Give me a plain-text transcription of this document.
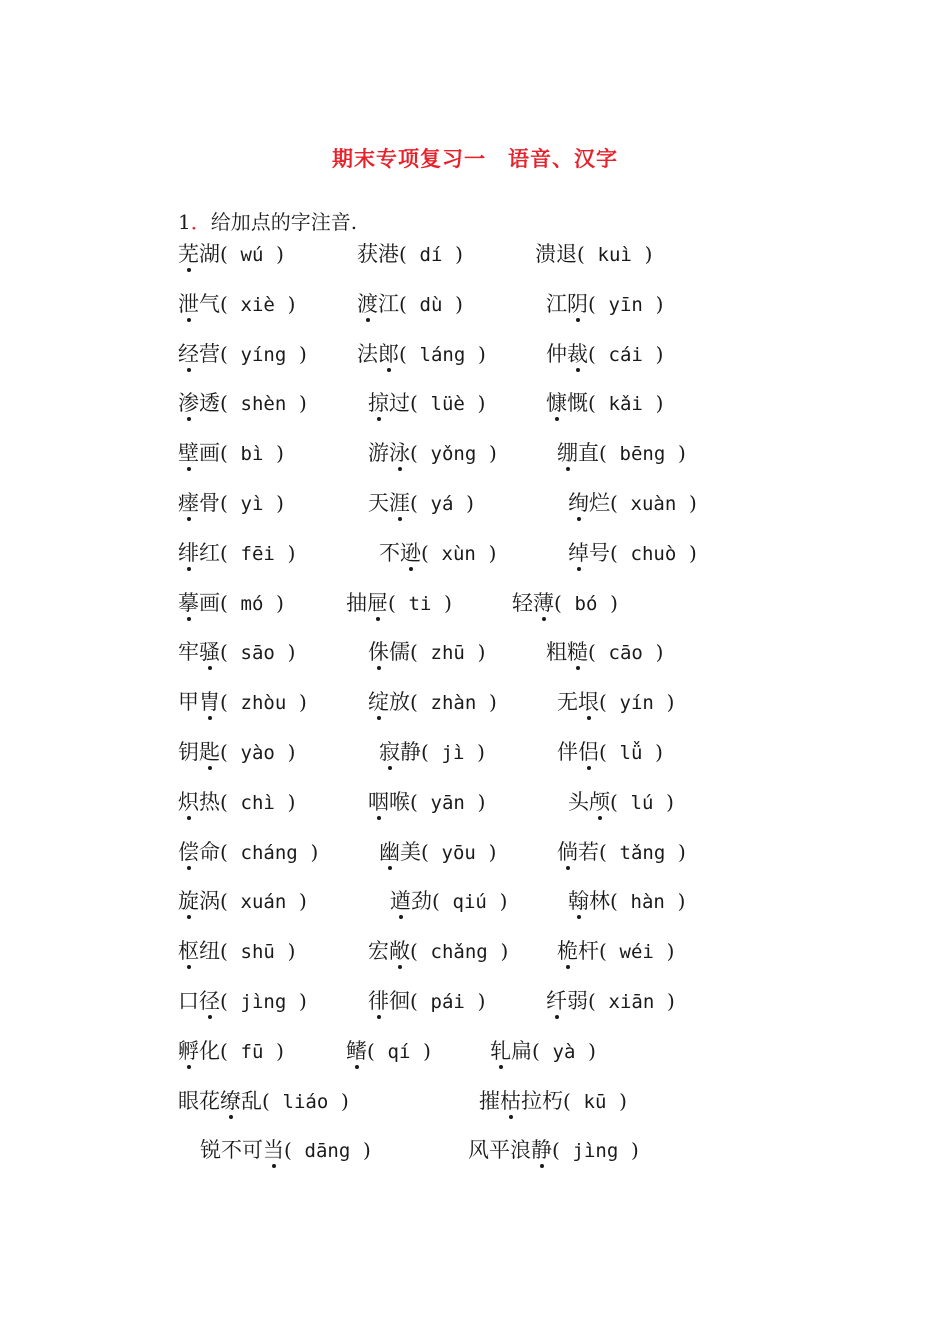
期末专项复习一　语音、汉字
1．给加点的字注音.
芜湖(  wú  )	获港(  dí  )	溃退(  kuì  )
泄气(  xiè  )	渡江(  dù  )	江阴(  yīn  )
经营(  yíng  ) 法郎(  láng  )	仲裁(  cái  )
渗透(  shèn  )	掠过(  lüè  )	慷慨(  kǎi  )
壁画(  bì  )	游泳(  yǒng  )	绷直(  bēng  )
瘗骨(  yì  )	天涯(  yá  )	绚烂(  xuàn  )
绯红(  fēi  )	不逊(  xùn  )	绰号(  chuò  )
摹画(  mó  )	抽屉(  ti  )	轻薄(  bó  )
牢骚(  sāo  )	侏儒(  zhū  )	粗糙(  cāo  )
甲胄(  zhòu  )	绽放(  zhàn  )	无垠(  yín  )
钥匙(  yào  )	寂静(  jì  )	伴侣(  lǚ  )
炽热(  chì  )	咽喉(  yān  )	头颅(  lú  )
偿命(  cháng  )	幽美(  yōu  )	倘若(  tǎng  )
旋涡(  xuán  )	遒劲(  qiú  )	翰林(  hàn  )
枢纽(  shū  )	宏敞(  chǎng  ) 桅杆(  wéi  )
口径(  jìng  )	徘徊(  pái  )	纤弱(  xiān  )
孵化(  fū  )	鳍(  qí  )	轧扁(  yà  )
眼花缭乱(  liáo  )	摧枯拉朽(  kū  )
锐不可当(  dāng  )	风平浪静(  jìng  )
